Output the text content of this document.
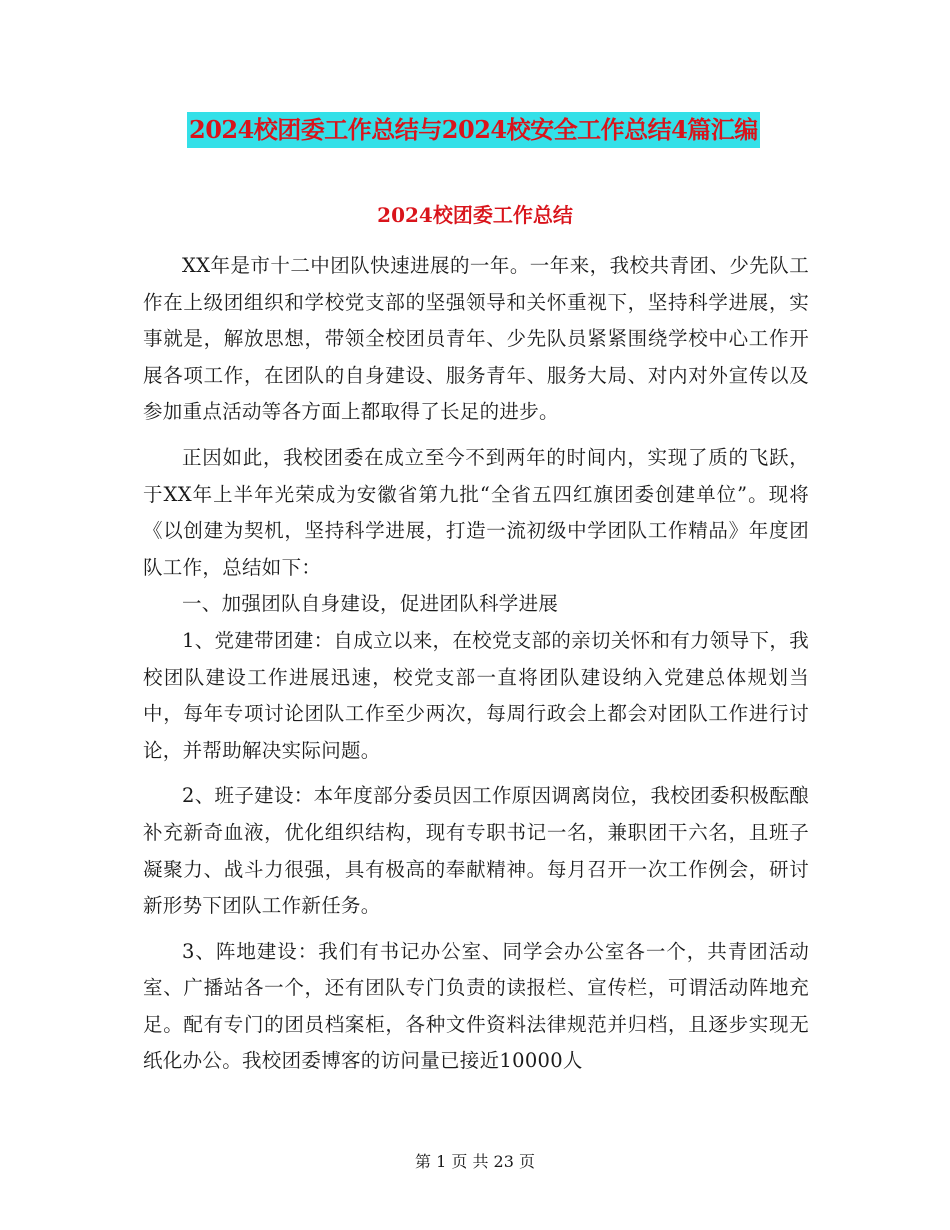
2024校团委工作总结与2024校安全工作总结4篇汇编
2024校团委工作总结

XX年是市十二中团队快速进展的一年。一年来，我校共青团、少先队工作在上级团组织和学校党支部的坚强领导和关怀重视下，坚持科学进展，实事就是，解放思想，带领全校团员青年、少先队员紧紧围绕学校中心工作开展各项工作，在团队的自身建设、服务青年、服务大局、对内对外宣传以及参加重点活动等各方面上都取得了长足的进步。

正因如此，我校团委在成立至今不到两年的时间内，实现了质的飞跃，于XX年上半年光荣成为安徽省第九批“全省五四红旗团委创建单位”。现将《以创建为契机，坚持科学进展，打造一流初级中学团队工作精品》年度团队工作，总结如下：

一、加强团队自身建设，促进团队科学进展

1、党建带团建：自成立以来，在校党支部的亲切关怀和有力领导下，我校团队建设工作进展迅速，校党支部一直将团队建设纳入党建总体规划当中，每年专项讨论团队工作至少两次，每周行政会上都会对团队工作进行讨论，并帮助解决实际问题。

2、班子建设：本年度部分委员因工作原因调离岗位，我校团委积极酝酿补充新奇血液，优化组织结构，现有专职书记一名，兼职团干六名，且班子凝聚力、战斗力很强，具有极高的奉献精神。每月召开一次工作例会，研讨新形势下团队工作新任务。

3、阵地建设：我们有书记办公室、同学会办公室各一个，共青团活动室、广播站各一个，还有团队专门负责的读报栏、宣传栏，可谓活动阵地充足。配有专门的团员档案柜，各种文件资料法律规范并归档，且逐步实现无纸化办公。我校团委博客的访问量已接近10000人

第 1 页 共 23 页
